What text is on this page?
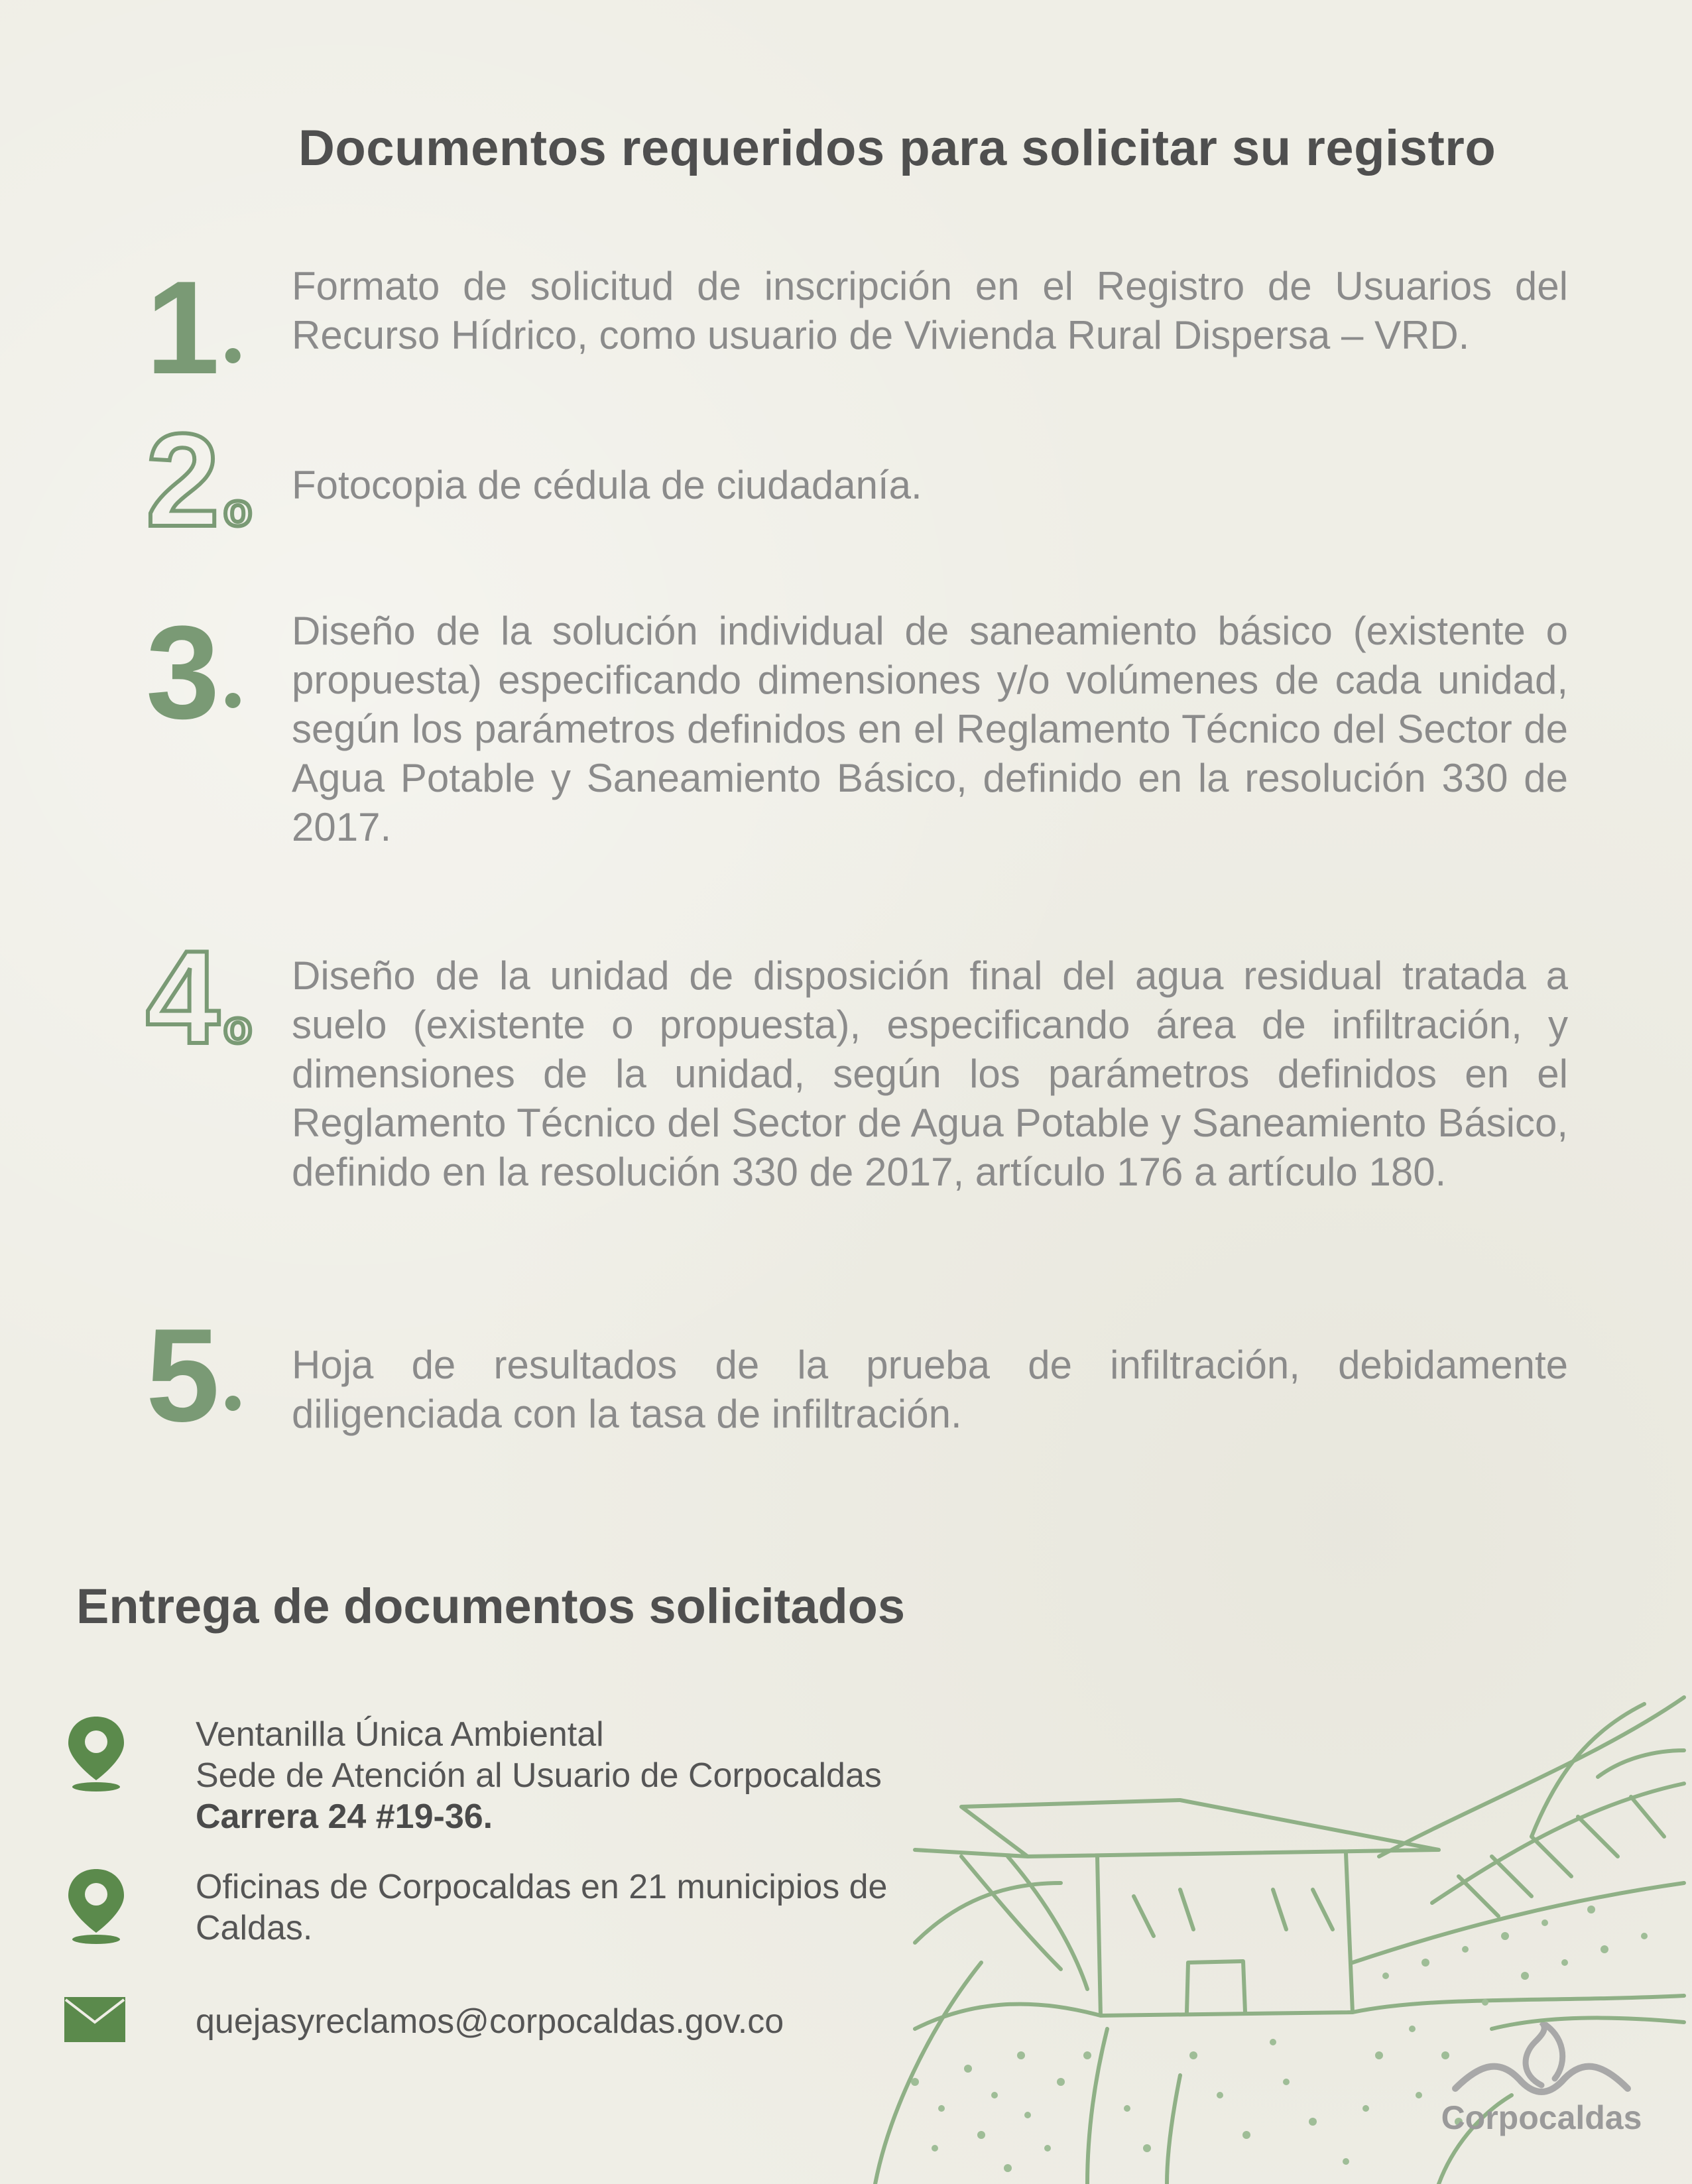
Documentos requeridos para solicitar su registro
1•
Formato de solicitud de inscripción en el Registro de Usuarios del Recurso Hídrico, como usuario de Vivienda Rural Dispersa – VRD.
2o	Fotocopia de cédula de ciudadanía.
3•
Diseño de la solución individual de saneamiento básico (existente o propuesta) especificando dimensiones y/o volúmenes de cada unidad, según los parámetros definidos en el Reglamento Técnico del Sector de Agua Potable y Saneamiento Básico, definido en la resolución 330 de 2017.
4o
Diseño de la unidad de disposición final del agua residual tratada a suelo (existente o propuesta), especificando área de infiltración, y dimensiones de la unidad, según los parámetros definidos en el Reglamento Técnico del Sector de Agua Potable y Saneamiento Básico, definido en la resolución 330 de 2017, artículo 176 a artículo 180.
5•
Hoja de resultados de la prueba de infiltración, debidamente diligenciada con la tasa de infiltración.
Entrega de documentos solicitados
Ventanilla Única Ambiental
Sede de Atención al Usuario de Corpocaldas
Carrera 24 #19-36.
Oficinas de Corpocaldas en 21 municipios de
Caldas.
quejasyreclamos@corpocaldas.gov.co
Corpocaldas
